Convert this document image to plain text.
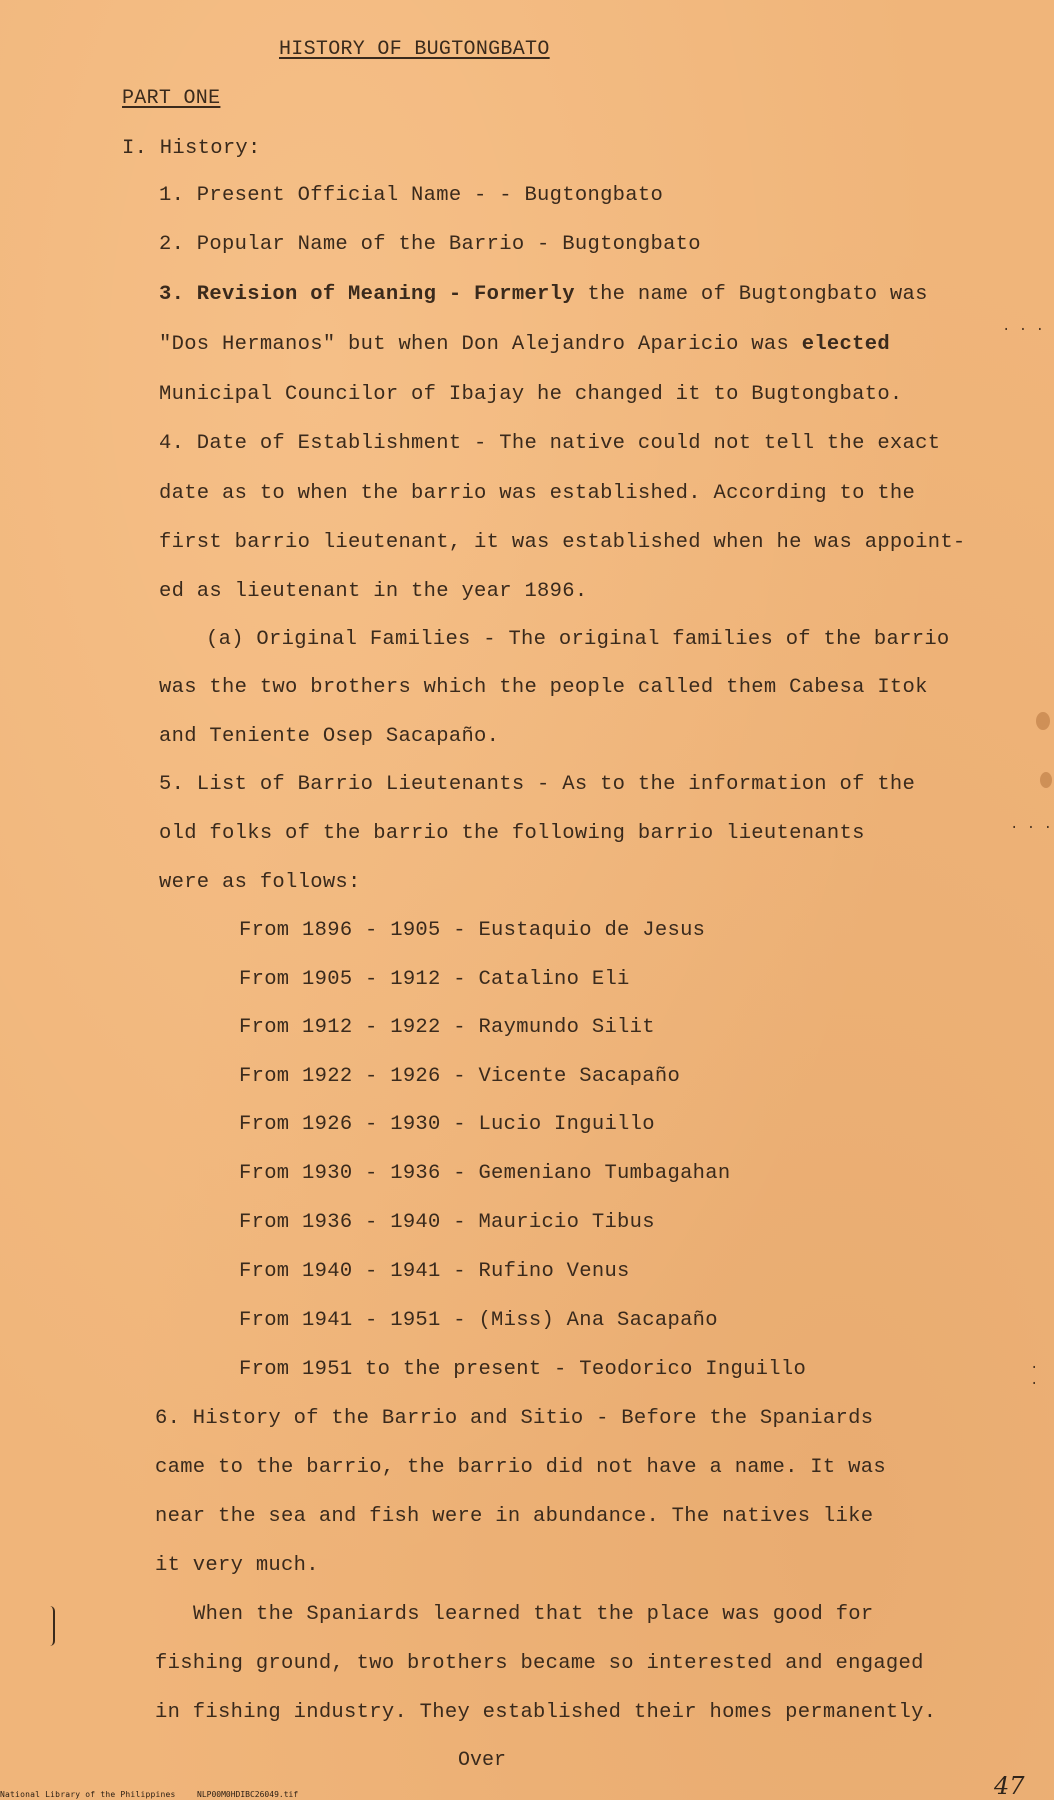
HISTORY OF BUGTONGBATO
PART ONE
I. History:
1. Present Official Name - - Bugtongbato
2. Popular Name of the Barrio - Bugtongbato
3. Revision of Meaning - Formerly the name of Bugtongbato was
"Dos Hermanos" but when Don Alejandro Aparicio was elected
Municipal Councilor of Ibajay he changed it to Bugtongbato.
4. Date of Establishment - The native could not tell the exact
date as to when the barrio was established. According to the
first barrio lieutenant, it was established when he was appoint-
ed as lieutenant in the year 1896.
(a) Original Families - The original families of the barrio
was the two brothers which the people called them Cabesa Itok
and Teniente Osep Sacapaño.
5. List of Barrio Lieutenants - As to the information of the
old folks of the barrio the following barrio lieutenants
were as follows:
From 1896 - 1905 - Eustaquio de Jesus
From 1905 - 1912 - Catalino Eli
From 1912 - 1922 - Raymundo Silit
From 1922 - 1926 - Vicente Sacapaño
From 1926 - 1930 - Lucio Inguillo
From 1930 - 1936 - Gemeniano Tumbagahan
From 1936 - 1940 - Mauricio Tibus
From 1940 - 1941 - Rufino Venus
From 1941 - 1951 - (Miss) Ana Sacapaño
From 1951 to the present - Teodorico Inguillo
6. History of the Barrio and Sitio - Before the Spaniards
came to the barrio, the barrio did not have a name. It was
near the sea and fish were in abundance. The natives like
it very much.
When the Spaniards learned that the place was good for
fishing ground, two brothers became so interested and engaged
in fishing industry. They established their homes permanently.
Over
47
National Library of the Philippines	NLP00M0HDIBC26049.tif
· · ·
· · ·
· ·
